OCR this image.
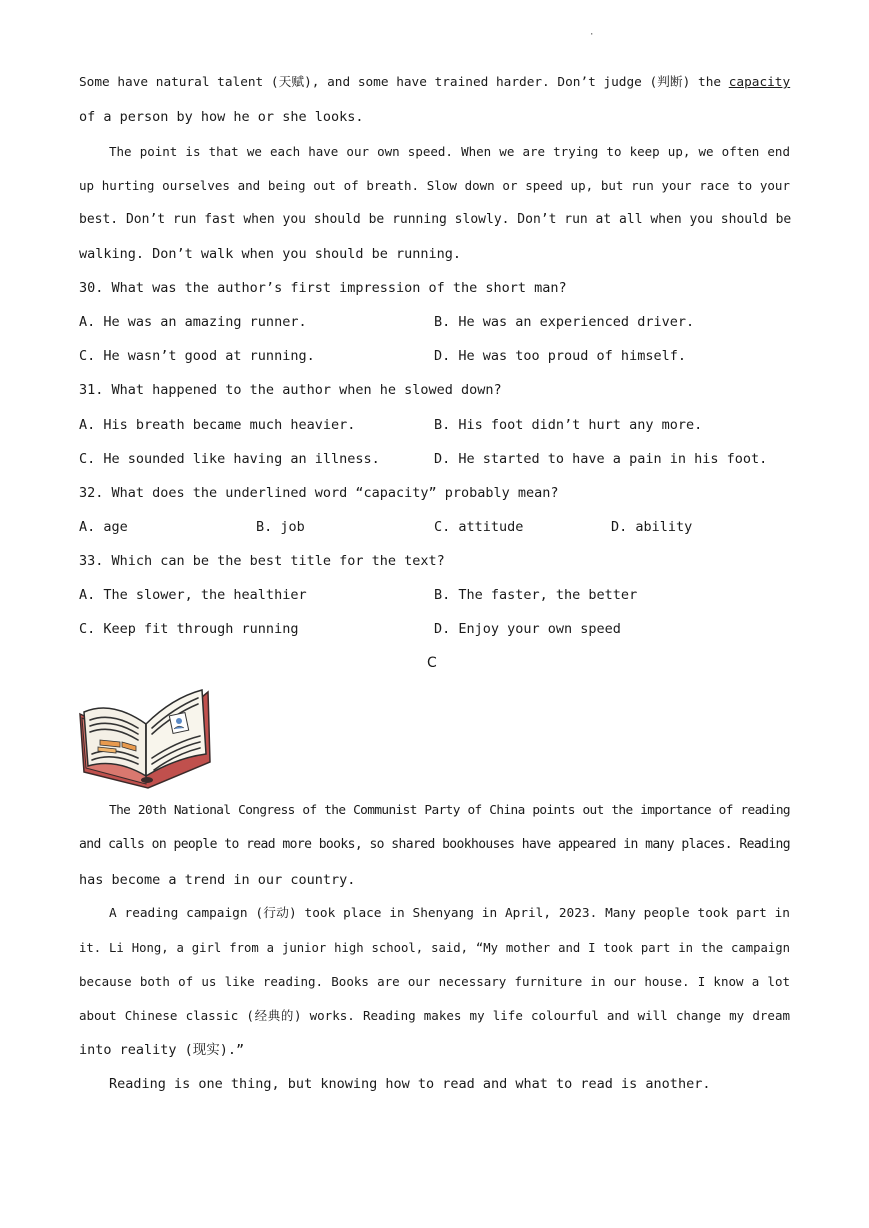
·
Some have natural talent (天赋), and some have trained harder. Don’t judge (判断) the capacity
of a person by how he or she looks.
The point is that we each have our own speed. When we are trying to keep up, we often end
up hurting ourselves and being out of breath. Slow down or speed up, but run your race to your
best. Don’t run fast when you should be running slowly. Don’t run at all when you should be
walking. Don’t walk when you should be running.
30. What was the author’s first impression of the short man?
A. He was an amazing runner.	B. He was an experienced driver.
C. He wasn’t good at running.	D. He was too proud of himself.
31. What happened to the author when he slowed down?
A. His breath became much heavier.	B. His foot didn’t hurt any more.
C. He sounded like having an illness.	D. He started to have a pain in his foot.
32. What does the underlined word “capacity” probably mean?
A. age	B. job	C. attitude	D. ability
33. Which can be the best title for the text?
A. The slower, the healthier	B. The faster, the better
C. Keep fit through running	D. Enjoy your own speed
C
The 20th National Congress of the Communist Party of China points out the importance of reading
and calls on people to read more books, so shared bookhouses have appeared in many places. Reading
has become a trend in our country.
A reading campaign (行动) took place in Shenyang in April, 2023. Many people took part in
it. Li Hong, a girl from a junior high school, said, “My mother and I took part in the campaign
because both of us like reading. Books are our necessary furniture in our house. I know a lot
about Chinese classic (经典的) works. Reading makes my life colourful and will change my dream
into reality (现实).”
Reading is one thing, but knowing how to read and what to read is another.
